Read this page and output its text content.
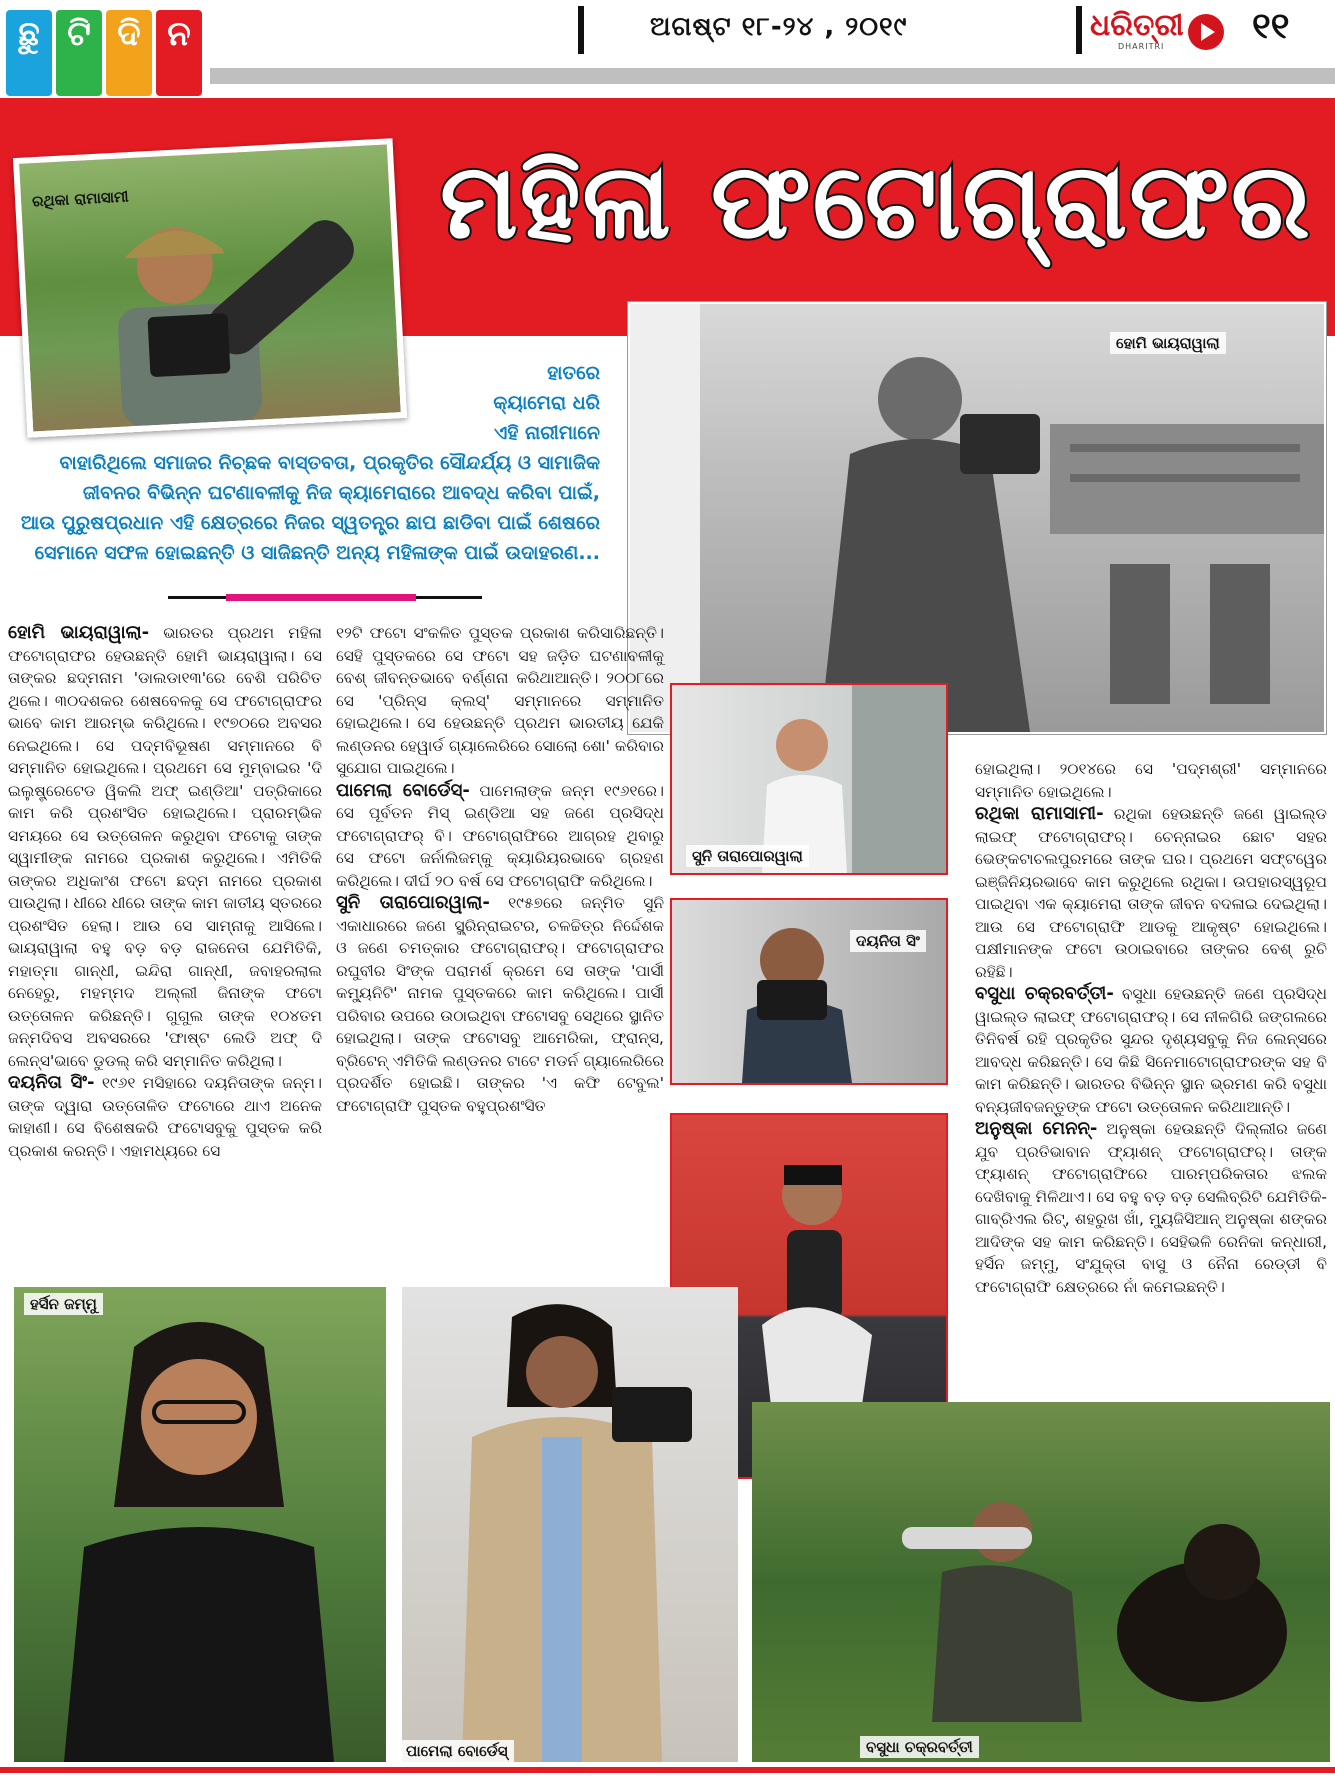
ଛୁ ଟି ଦି ନ	ଅଗଷ୍ଟ ୧୮-୨୪ , ୨୦୧୯	ଧରିତ୍ରୀ
DHARITRI ୧୧
ମହିଳା ଫଟୋଗ୍ରାଫର
ରଥିକା ରାମାସାମୀ
ହୋମି ଭାୟରାୱାଲା
ହାତରେ
କ୍ୟାମେରା ଧରି
ଏହି ନାରୀମାନେ
ବାହାରିଥିଲେ ସମାଜର ନିଚ୍ଛକ ବାସ୍ତବତା, ପ୍ରକୃତିର ସୌନ୍ଦର୍ଯ୍ୟ ଓ ସାମାଜିକ
ଜୀବନର ବିଭିନ୍ନ ଘଟଣାବଳୀକୁ ନିଜ କ୍ୟାମେରାରେ ଆବଦ୍ଧ କରିବା ପାଇଁ,
ଆଉ ପୁରୁଷପ୍ରଧାନ ଏହି କ୍ଷେତ୍ରରେ ନିଜର ସ୍ୱତନ୍ତ୍ର ଛାପ ଛାଡିବା ପାଇଁ ଶେଷରେ
ସେମାନେ ସଫଳ ହୋଇଛନ୍ତି ଓ ସାଜିଛନ୍ତି ଅନ୍ୟ ମହିଳାଙ୍କ ପାଇଁ ଉଦାହରଣ...
ହୋମି ଭାୟରାୱାଲା- ଭାରତର ପ୍ରଥମ ମହିଳା ଫଟୋଗ୍ରାଫର ହେଉଛନ୍ତି ହୋମି ଭାୟରାୱାଲା। ସେ ତାଙ୍କର ଛଦ୍ମନାମ 'ଡାଲଡା୧୩'ରେ ବେଶି ପରିଚିତ ଥିଲେ। ୩୦ଦଶକର ଶେଷବେଳକୁ ସେ ଫଟୋଗ୍ରାଫର ଭାବେ କାମ ଆରମ୍ଭ କରିଥିଲେ। ୧୯୭୦ରେ ଅବସର ନେଇଥିଲେ। ସେ ପଦ୍ମବିଭୂଷଣ ସମ୍ମାନରେ ବି ସମ୍ମାନିତ ହୋଇଥିଲେ। ପ୍ରଥମେ ସେ ମୁମ୍ବାଇର 'ଦି ଇଲୁଷ୍ଟ୍ରେଟେଡ ୱିକଲି ଅଫ୍ ଇଣ୍ଡିଆ' ପତ୍ରିକାରେ କାମ କରି ପ୍ରଶଂସିତ ହୋଇଥିଲେ। ପ୍ରାରମ୍ଭିକ ସମୟରେ ସେ ଉତ୍ତୋଳନ କରୁଥିବା ଫଟୋକୁ ତାଙ୍କ ସ୍ୱାମୀଙ୍କ ନାମରେ ପ୍ରକାଶ କରୁଥିଲେ। ଏମିତିକି ତାଙ୍କର ଅଧିକାଂଶ ଫଟୋ ଛଦ୍ମ ନାମରେ ପ୍ରକାଶ ପାଉଥିଲା। ଧୀରେ ଧୀରେ ତାଙ୍କ କାମ ଜାତୀୟ ସ୍ତରରେ ପ୍ରଶଂସିତ ହେଲା। ଆଉ ସେ ସାମ୍ନାକୁ ଆସିଲେ। ଭାୟରାୱାଲା ବହୁ ବଡ଼ ବଡ଼ ରାଜନେତା ଯେମିତିକି, ମହାତ୍ମା ଗାନ୍ଧୀ, ଇନ୍ଦିରା ଗାନ୍ଧୀ, ଜବାହରଲାଲ ନେହେରୁ, ମହମ୍ମଦ ଅଲ୍ଲୀ ଜିନାଙ୍କ ଫଟୋ ଉତ୍ତୋଳନ କରିଛନ୍ତି। ଗୁଗୁଲ ତାଙ୍କ ୧୦୪ତମ ଜନ୍ମଦିବସ ଅବସରରେ 'ଫାଷ୍ଟ ଲେଡି ଅଫ୍ ଦି ଲେନ୍ସ'ଭାବେ ଡୁଡଲ୍ କରି ସମ୍ମାନିତ କରିଥିଲା।
ଦୟନିତା ସିଂ- ୧୯୬୧ ମସିହାରେ ଦୟନିତାଙ୍କ ଜନ୍ମ। ତାଙ୍କ ଦ୍ୱାରା ଉତ୍ତୋଳିତ ଫଟୋରେ ଥାଏ ଅନେକ କାହାଣୀ। ସେ ବିଶେଷକରି ଫଟୋସବୁକୁ ପୁସ୍ତକ କରି ପ୍ରକାଶ କରନ୍ତି। ଏହାମଧ୍ୟରେ ସେ
୧୨ଟି ଫଟୋ ସଂକଳିତ ପୁସ୍ତକ ପ୍ରକାଶ କରିସାରିଛନ୍ତି। ସେହି ପୁସ୍ତକରେ ସେ ଫଟୋ ସହ ଜଡ଼ିତ ଘଟଣାବଳୀକୁ ବେଶ୍ ଜୀବନ୍ତଭାବେ ବର୍ଣ୍ଣନା କରିଥାଆନ୍ତି। ୨୦୦୮ରେ ସେ 'ପ୍ରିନ୍ସ କ୍ଲସ୍' ସମ୍ମାନରେ ସମ୍ମାନିତ ହୋଇଥିଲେ। ସେ ହେଉଛନ୍ତି ପ୍ରଥମ ଭାରତୀୟ ଯେକି ଲଣ୍ଡନର ହେୱାର୍ଡ ଗ୍ୟାଲେରିରେ ସୋଲୋ ଶୋ' କରିବାର ସୁଯୋଗ ପାଇଥିଲେ।
ପାମେଲା ବୋର୍ଡେସ୍- ପାମେଲାଙ୍କ ଜନ୍ମ ୧୯୬୧ରେ। ସେ ପୂର୍ବତନ ମିସ୍ ଇଣ୍ଡିଆ ସହ ଜଣେ ପ୍ରସିଦ୍ଧ ଫଟୋଗ୍ରାଫର୍ ବି। ଫଟୋଗ୍ରାଫିରେ ଆଗ୍ରହ ଥିବାରୁ ସେ ଫଟୋ ଜର୍ନାଲିଜମ୍‌କୁ କ୍ୟାରିୟରଭାବେ ଗ୍ରହଣ କରିଥିଲେ। ଦୀର୍ଘ ୨୦ ବର୍ଷ ସେ ଫଟୋଗ୍ରାଫି କରିଥିଲେ।
ସୁନି ତାରାପୋରୱାଲା- ୧୯୫୭ରେ ଜନ୍ମିତ ସୁନି ଏକାଧାରରେ ଜଣେ ସ୍କ୍ରିନ୍‌ରାଇଟର, ଚଳଚ୍ଚିତ୍ର ନିର୍ଦ୍ଦେଶକ ଓ ଜଣେ ଚମତ୍କାର ଫଟୋଗ୍ରାଫର୍। ଫଟୋଗ୍ରାଫର ରଘୁବୀର ସିଂଙ୍କ ପରାମର୍ଶ କ୍ରମେ ସେ ତାଙ୍କ 'ପାର୍ସୀ କମ୍ୟୁନିଟି' ନାମକ ପୁସ୍ତକରେ କାମ କରିଥିଲେ। ପାର୍ସୀ ପରିବାର ଉପରେ ଉଠାଇଥିବା ଫଟୋସବୁ ସେଥିରେ ସ୍ଥାନିତ ହୋଇଥିଲା। ତାଙ୍କ ଫଟୋସବୁ ଆମେରିକା, ଫ୍ରାନ୍ସ, ବ୍ରିଟେନ୍ ଏମିତିକି ଲଣ୍ଡନର ଟାଟେ ମଡର୍ନ ଗ୍ୟାଲେରିରେ ପ୍ରଦର୍ଶିତ ହୋଇଛି। ତାଙ୍କର 'ଏ କଫି ଟେବୁଲ' ଫଟୋଗ୍ରାଫି ପୁସ୍ତକ ବହୁପ୍ରଶଂସିତ
ସୁନି ତାରାପୋରୱାଲା
ଦୟନିତା ସିଂ
ହୋଇଥିଲା। ୨୦୧୪ରେ ସେ 'ପଦ୍ମଶ୍ରୀ' ସମ୍ମାନରେ ସମ୍ମାନିତ ହୋଇଥିଲେ।
ରଥିକା ରାମାସାମୀ- ରଥିକା ହେଉଛନ୍ତି ଜଣେ ୱାଇଲ୍ଡ ଲାଇଫ୍ ଫଟୋଗ୍ରାଫର୍। ଚେନ୍ନାଇର ଛୋଟ ସହର ଭେଙ୍କଟାଚଲପୁରମରେ ତାଙ୍କ ଘର। ପ୍ରଥମେ ସଫ୍ଟୱେର ଇଞ୍ଜିନିୟରଭାବେ କାମ କରୁଥିଲେ ରଥିକା। ଉପହାରସ୍ୱରୂପ ପାଇଥିବା ଏକ କ୍ୟାମେରା ତାଙ୍କ ଜୀବନ ବଦଳାଇ ଦେଇଥିଲା। ଆଉ ସେ ଫଟୋଗ୍ରାଫି ଆଡକୁ ଆକୃଷ୍ଟ ହୋଇଥିଲେ। ପକ୍ଷୀମାନଙ୍କ ଫଟୋ ଉଠାଇବାରେ ତାଙ୍କର ବେଶ୍ ରୁଚି ରହିଛି।
ବସୁଧା ଚକ୍ରବର୍ତ୍ତୀ- ବସୁଧା ହେଉଛନ୍ତି ଜଣେ ପ୍ରସିଦ୍ଧ ୱାଇଲ୍ଡ ଲାଇଫ୍ ଫଟୋଗ୍ରାଫର୍। ସେ ନୀଳଗିରି ଜଙ୍ଗଲରେ ତିନିବର୍ଷ ରହି ପ୍ରକୃତିର ସୁନ୍ଦର ଦୃଶ୍ୟସବୁକୁ ନିଜ ଲେନ୍ସରେ ଆବଦ୍ଧ କରିଛନ୍ତି। ସେ କିଛି ସିନେମାଟୋଗ୍ରାଫରଙ୍କ ସହ ବି କାମ କରିଛନ୍ତି। ଭାରତର ବିଭିନ୍ନ ସ୍ଥାନ ଭ୍ରମଣ କରି ବସୁଧା ବନ୍ୟଜୀବଜନ୍ତୁଙ୍କ ଫଟୋ ଉତ୍ତୋଳନ କରିଥାଆନ୍ତି।
ଅନୁଷ୍କା ମେନନ୍- ଅନୁଷ୍କା ହେଉଛନ୍ତି ଦିଲ୍ଲୀର ଜଣେ ଯୁବ ପ୍ରତିଭାବାନ ଫ୍ୟାଶନ୍ ଫଟୋଗ୍ରାଫର୍। ତାଙ୍କ ଫ୍ୟାଶନ୍ ଫଟୋଗ୍ରାଫିରେ ପାରମ୍ପରିକତାର ଝଲକ ଦେଖିବାକୁ ମିଳିଥାଏ। ସେ ବହୁ ବଡ଼ ବଡ଼ ସେଲିବ୍ରିଟି ଯେମିତିକି- ଗାବ୍ରିଏଲ ରିଟ୍, ଶହରୁଖ ଖାଁ, ମ୍ୟୁଜିସିଆନ୍ ଅନୁଷ୍କା ଶଙ୍କର ଆଦିଙ୍କ ସହ କାମ କରିଛନ୍ତି। ସେହିଭଳି ରେନିକା କନ୍ଧାରୀ, ହର୍ସିନ ଜମ୍ମୁ, ସଂଯୁକ୍ତା ବାସୁ ଓ ନୈନା ରେଡ୍ଡୀ ବି ଫଟୋଗ୍ରାଫି କ୍ଷେତ୍ରରେ ନାଁ କମେଇଛନ୍ତି।
ହର୍ସିନ ଜମ୍ମୁ
ପାମେଲା ବୋର୍ଡେସ୍	ବସୁଧା ଚକ୍ରବର୍ତ୍ତୀ
